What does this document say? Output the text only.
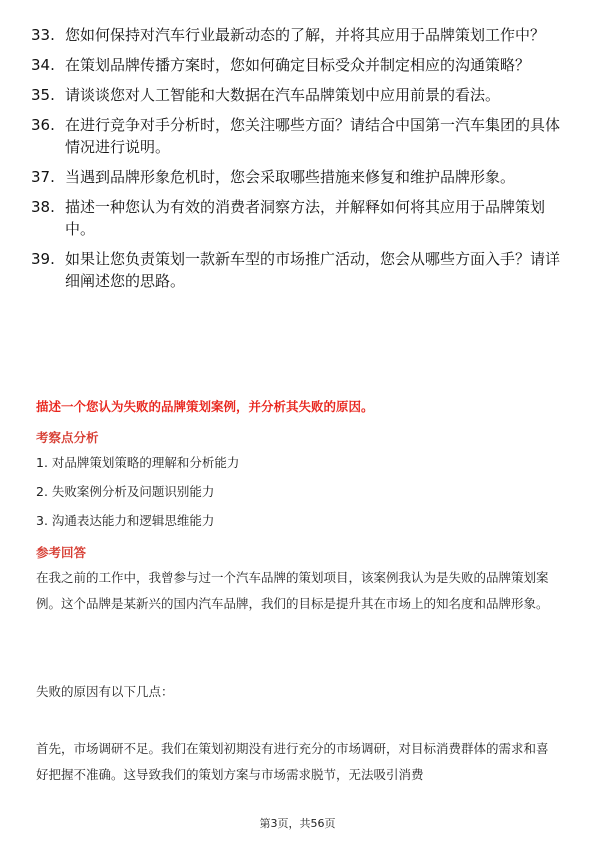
33. 您如何保持对汽车行业最新动态的了解，并将其应用于品牌策划工作中？
34. 在策划品牌传播方案时，您如何确定目标受众并制定相应的沟通策略？
35. 请谈谈您对人工智能和大数据在汽车品牌策划中应用前景的看法。
36. 在进行竞争对手分析时，您关注哪些方面？请结合中国第一汽车集团的具体情况进行说明。
37. 当遇到品牌形象危机时，您会采取哪些措施来修复和维护品牌形象。
38. 描述一种您认为有效的消费者洞察方法，并解释如何将其应用于品牌策划中。
39. 如果让您负责策划一款新车型的市场推广活动，您会从哪些方面入手？请详细阐述您的思路。
描述一个您认为失败的品牌策划案例，并分析其失败的原因。
考察点分析
1. 对品牌策划策略的理解和分析能力
2. 失败案例分析及问题识别能力
3. 沟通表达能力和逻辑思维能力
参考回答
在我之前的工作中，我曾参与过一个汽车品牌的策划项目，该案例我认为是失败的品牌策划案例。这个品牌是某新兴的国内汽车品牌，我们的目标是提升其在市场上的知名度和品牌形象。
失败的原因有以下几点：
首先，市场调研不足。我们在策划初期没有进行充分的市场调研，对目标消费群体的需求和喜好把握不准确。这导致我们的策划方案与市场需求脱节，无法吸引消费
第3页，共56页
